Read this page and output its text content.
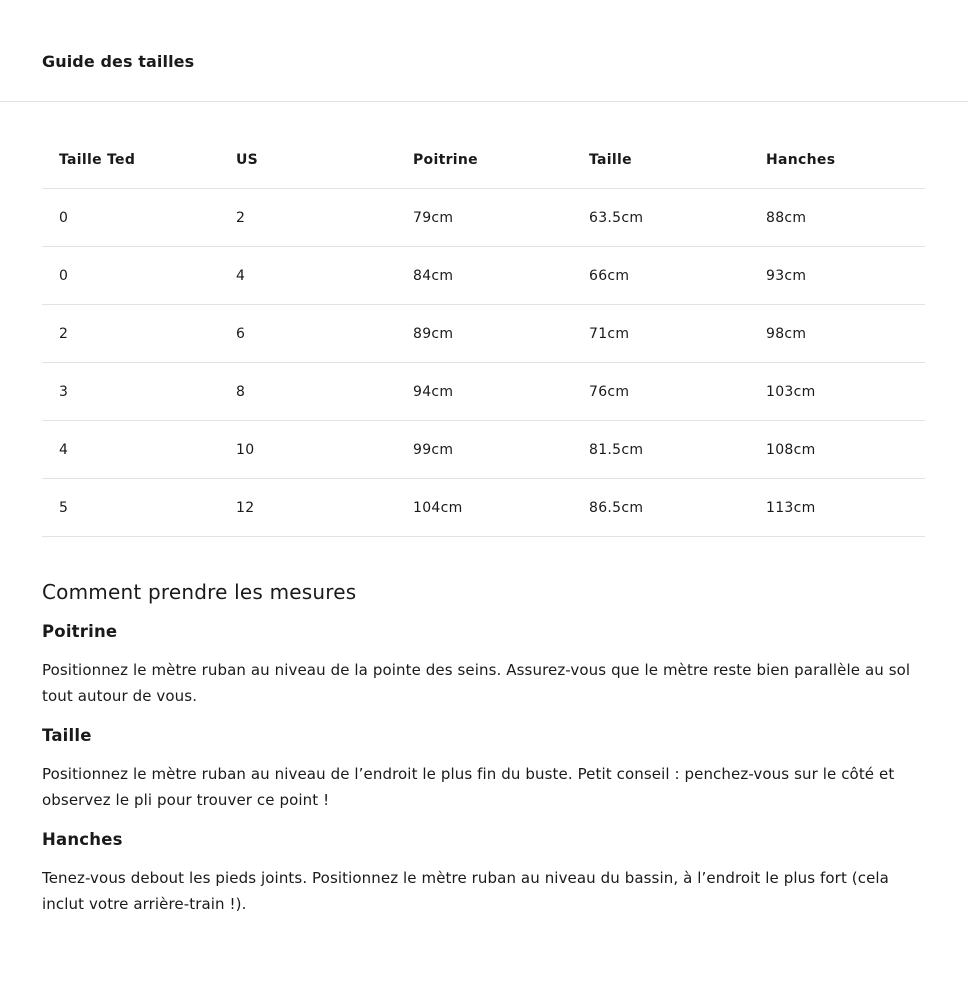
Guide des tailles
Taille Ted	US	Poitrine	Taille	Hanches
0	2	79cm	63.5cm	88cm
0	4	84cm	66cm	93cm
2	6	89cm	71cm	98cm
3	8	94cm	76cm	103cm
4	10	99cm	81.5cm	108cm
5	12	104cm	86.5cm	113cm
Comment prendre les mesures
Poitrine

Positionnez le mètre ruban au niveau de la pointe des seins. Assurez-vous que le mètre reste bien parallèle au sol tout autour de vous.

Taille

Positionnez le mètre ruban au niveau de l’endroit le plus fin du buste. Petit conseil : penchez-vous sur le côté et observez le pli pour trouver ce point !

Hanches

Tenez-vous debout les pieds joints. Positionnez le mètre ruban au niveau du bassin, à l’endroit le plus fort (cela inclut votre arrière-train !).
